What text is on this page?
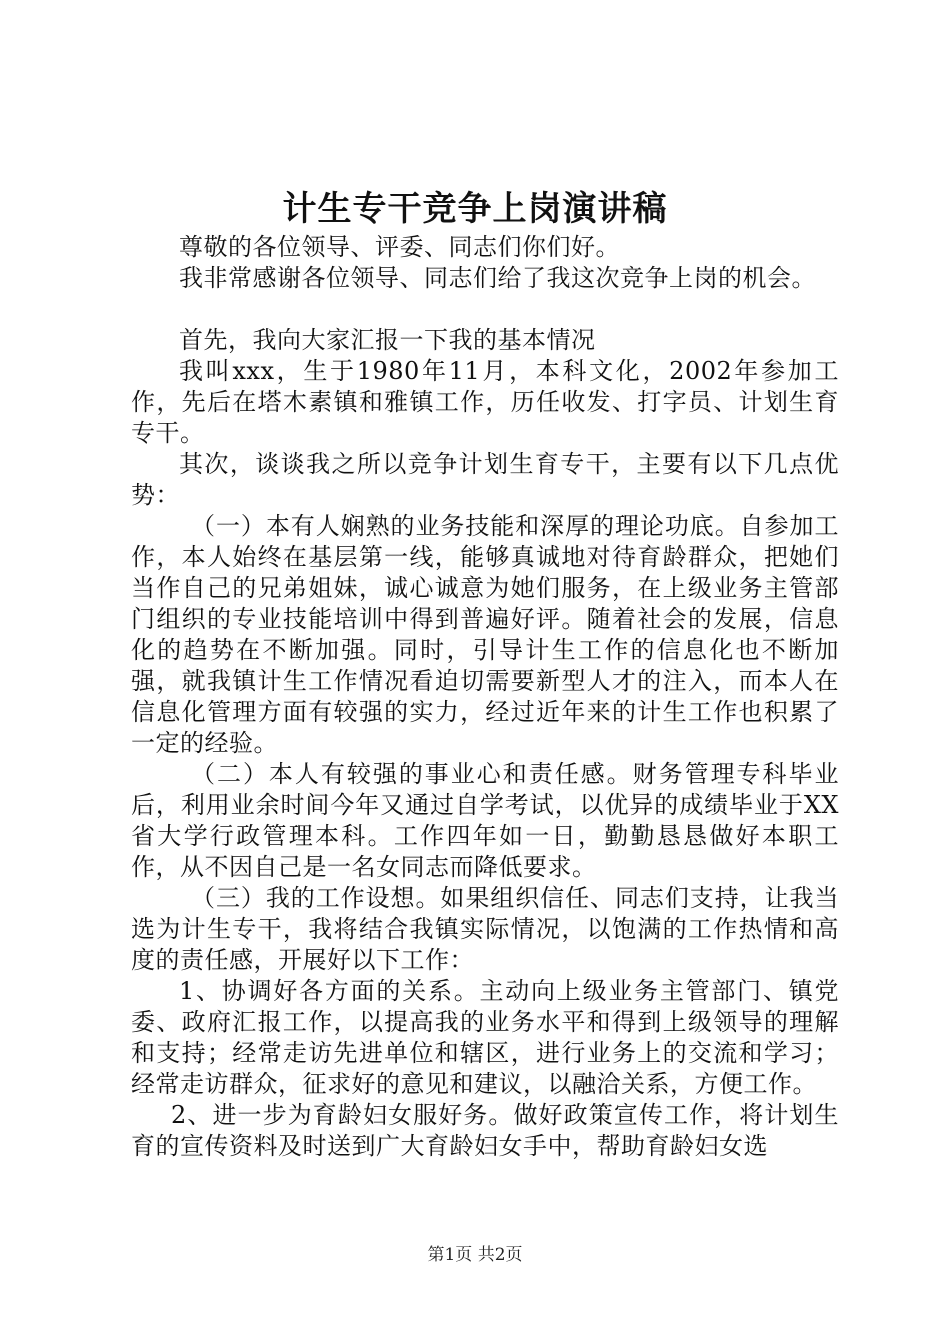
计生专干竞争上岗演讲稿

尊敬的各位领导、评委、同志们你们好。

我非常感谢各位领导、同志们给了我这次竞争上岗的机会。

首先，我向大家汇报一下我的基本情况

我叫xxx，生于1980年11月，本科文化，2002年参加工作，先后在塔木素镇和雅镇工作，历任收发、打字员、计划生育专干。

其次，谈谈我之所以竞争计划生育专干，主要有以下几点优势：

（一）本有人娴熟的业务技能和深厚的理论功底。自参加工作，本人始终在基层第一线，能够真诚地对待育龄群众，把她们当作自己的兄弟姐妹，诚心诚意为她们服务，在上级业务主管部门组织的专业技能培训中得到普遍好评。随着社会的发展，信息化的趋势在不断加强。同时，引导计生工作的信息化也不断加强，就我镇计生工作情况看迫切需要新型人才的注入，而本人在信息化管理方面有较强的实力，经过近年来的计生工作也积累了一定的经验。

（二）本人有较强的事业心和责任感。财务管理专科毕业后，利用业余时间今年又通过自学考试，以优异的成绩毕业于XX省大学行政管理本科。工作四年如一日，勤勤恳恳做好本职工作，从不因自己是一名女同志而降低要求。

（三）我的工作设想。如果组织信任、同志们支持，让我当选为计生专干，我将结合我镇实际情况，以饱满的工作热情和高度的责任感，开展好以下工作：

1、协调好各方面的关系。主动向上级业务主管部门、镇党委、政府汇报工作，以提高我的业务水平和得到上级领导的理解和支持；经常走访先进单位和辖区，进行业务上的交流和学习；经常走访群众，征求好的意见和建议，以融洽关系，方便工作。

2、进一步为育龄妇女服好务。做好政策宣传工作，将计划生育的宣传资料及时送到广大育龄妇女手中，帮助育龄妇女选

第1页 共2页
